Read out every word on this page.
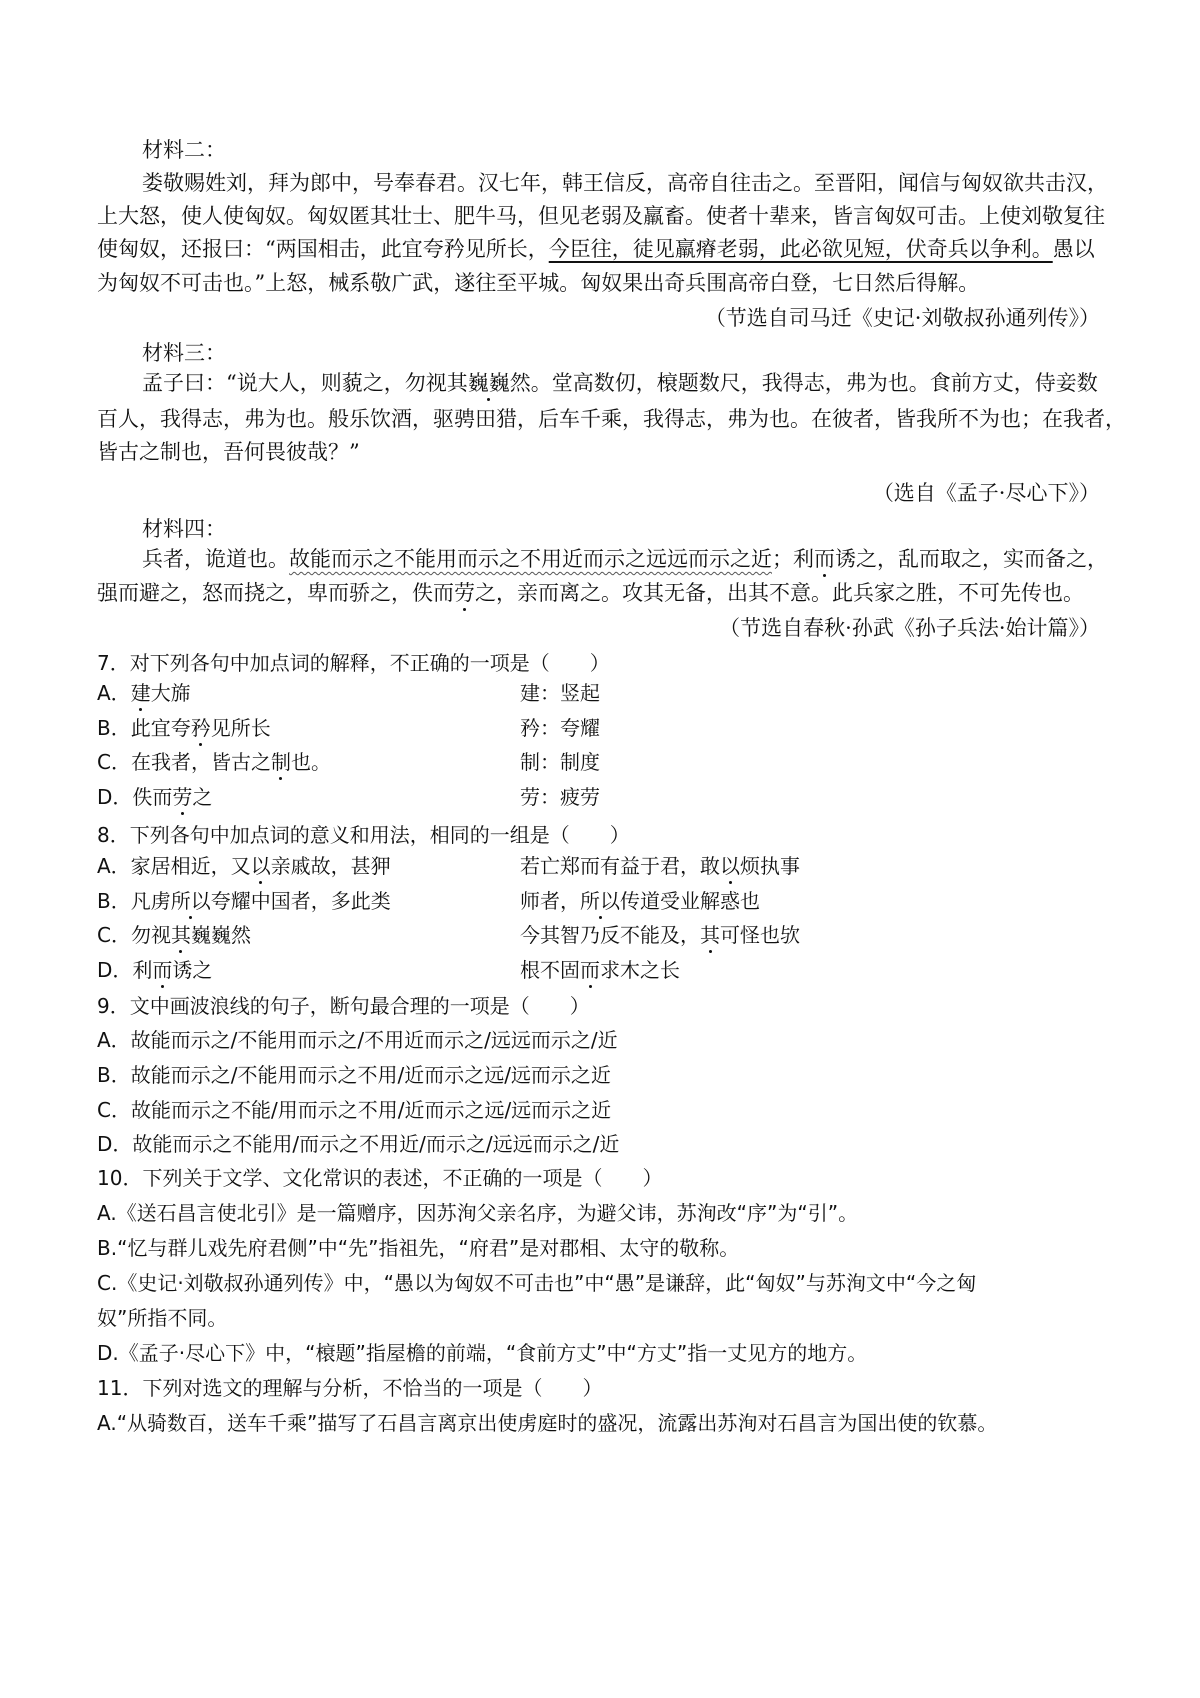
材料二：
娄敬赐姓刘，拜为郎中，号奉春君。汉七年，韩王信反，高帝自往击之。至晋阳，闻信与匈奴欲共击汉，
上大怒，使人使匈奴。匈奴匿其壮士、肥牛马，但见老弱及羸畜。使者十辈来，皆言匈奴可击。上使刘敬复往
使匈奴，还报曰：“两国相击，此宜夸矜见所长，今臣往，徒见羸瘠老弱，此必欲见短，伏奇兵以争利。愚以
为匈奴不可击也。”上怒，械系敬广武，遂往至平城。匈奴果出奇兵围高帝白登，七日然后得解。
（节选自司马迁《史记·刘敬叔孙通列传》）
材料三：
孟子曰：“说大人，则藐之，勿视其巍巍然。堂高数仞，榱题数尺，我得志，弗为也。食前方丈，侍妾数
百人，我得志，弗为也。般乐饮酒，驱骋田猎，后车千乘，我得志，弗为也。在彼者，皆我所不为也；在我者，
皆古之制也，吾何畏彼哉？”
（选自《孟子·尽心下》）
材料四：
兵者，诡道也。故能而示之不能用而示之不用近而示之远远而示之近；利而诱之，乱而取之，实而备之，
强而避之，怒而挠之，卑而骄之，佚而劳之，亲而离之。攻其无备，出其不意。此兵家之胜，不可先传也。
（节选自春秋·孙武《孙子兵法·始计篇》）
7．对下列各句中加点词的解释，不正确的一项是（　　）
A．建大旆	建：竖起
B．此宜夸矜见所长	矜：夸耀
C．在我者，皆古之制也。	制：制度
D．佚而劳之	劳：疲劳
8．下列各句中加点词的意义和用法，相同的一组是（　　）
A．家居相近，又以亲戚故，甚狎	若亡郑而有益于君，敢以烦执事
B．凡虏所以夸耀中国者，多此类	师者，所以传道受业解惑也
C．勿视其巍巍然	今其智乃反不能及，其可怪也欤
D．利而诱之	根不固而求木之长
9．文中画波浪线的句子，断句最合理的一项是（　　）
A．故能而示之/不能用而示之/不用近而示之/远远而示之/近
B．故能而示之/不能用而示之不用/近而示之远/远而示之近
C．故能而示之不能/用而示之不用/近而示之远/远而示之近
D．故能而示之不能用/而示之不用近/而示之/远远而示之/近
10．下列关于文学、文化常识的表述，不正确的一项是（　　）
A.《送石昌言使北引》是一篇赠序，因苏洵父亲名序，为避父讳，苏洵改“序”为“引”。
B.“忆与群儿戏先府君侧”中“先”指祖先，“府君”是对郡相、太守的敬称。
C.《史记·刘敬叔孙通列传》中，“愚以为匈奴不可击也”中“愚”是谦辞，此“匈奴”与苏洵文中“今之匈
奴”所指不同。
D.《孟子·尽心下》中，“榱题”指屋檐的前端，“食前方丈”中“方丈”指一丈见方的地方。
11．下列对选文的理解与分析，不恰当的一项是（　　）
A.“从骑数百，送车千乘”描写了石昌言离京出使虏庭时的盛况，流露出苏洵对石昌言为国出使的钦慕。
